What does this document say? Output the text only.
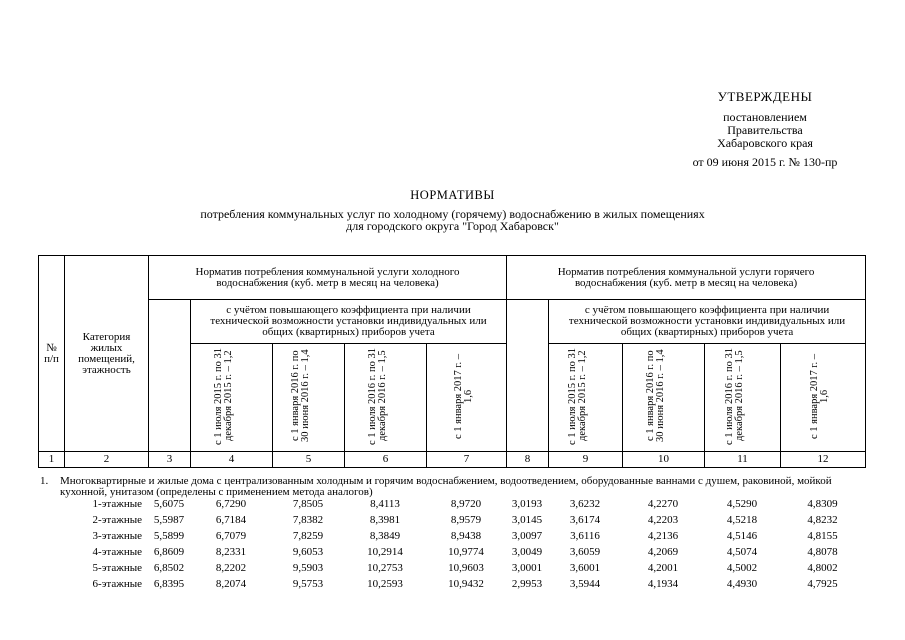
УТВЕРЖДЕНЫ
постановлением
Правительства
Хабаровского края
от 09 июня 2015 г. № 130-пр
НОРМАТИВЫ
потребления коммунальных услуг по холодному (горячему) водоснабжению в жилых помещениях
для городского округа "Город Хабаровск"
№ п/п	Категория жилых помещений, этажность	Норматив потребления коммунальной услуги холодного водоснабжения (куб. метр в месяц на человека)					Норматив потребления коммунальной услуги горячего водоснабжения (куб. метр в месяц на человека)				
			с учётом повышающего коэффициента при наличии технической возможности установки индивидуальных или общих (квартирных) приборов учета					с учётом повышающего коэффициента при наличии технической возможности установки индивидуальных или общих (квартирных) приборов учета			
			с 1 июля 2015 г. по 31 декабря 2015 г. – 1,2	с 1 января 2016 г. по 30 июня 2016 г. – 1,4	с 1 июля 2016 г. по 31 декабря 2016 г. – 1,5	с 1 января 2017 г. – 1,6		с 1 июля 2015 г. по 31 декабря 2015 г. – 1,2	с 1 января 2016 г. по 30 июня 2016 г. – 1,4	с 1 июля 2016 г. по 31 декабря 2016 г. – 1,5	с 1 января 2017 г. – 1,6
1	2	3	4	5	6	7	8	9	10	11	12
1.	Многоквартирные и жилые дома с централизованным холодным и горячим водоснабжением, водоотведением, оборудованные ваннами с душем, раковиной, мойкой кухонной, унитазом (определены с применением метода аналогов)
1-этажные	5,6075	6,7290	7,8505	8,4113	8,9720	3,0193	3,6232	4,2270	4,5290	4,8309
2-этажные	5,5987	6,7184	7,8382	8,3981	8,9579	3,0145	3,6174	4,2203	4,5218	4,8232
3-этажные	5,5899	6,7079	7,8259	8,3849	8,9438	3,0097	3,6116	4,2136	4,5146	4,8155
4-этажные	6,8609	8,2331	9,6053	10,2914	10,9774	3,0049	3,6059	4,2069	4,5074	4,8078
5-этажные	6,8502	8,2202	9,5903	10,2753	10,9603	3,0001	3,6001	4,2001	4,5002	4,8002
6-этажные	6,8395	8,2074	9,5753	10,2593	10,9432	2,9953	3,5944	4,1934	4,4930	4,7925
